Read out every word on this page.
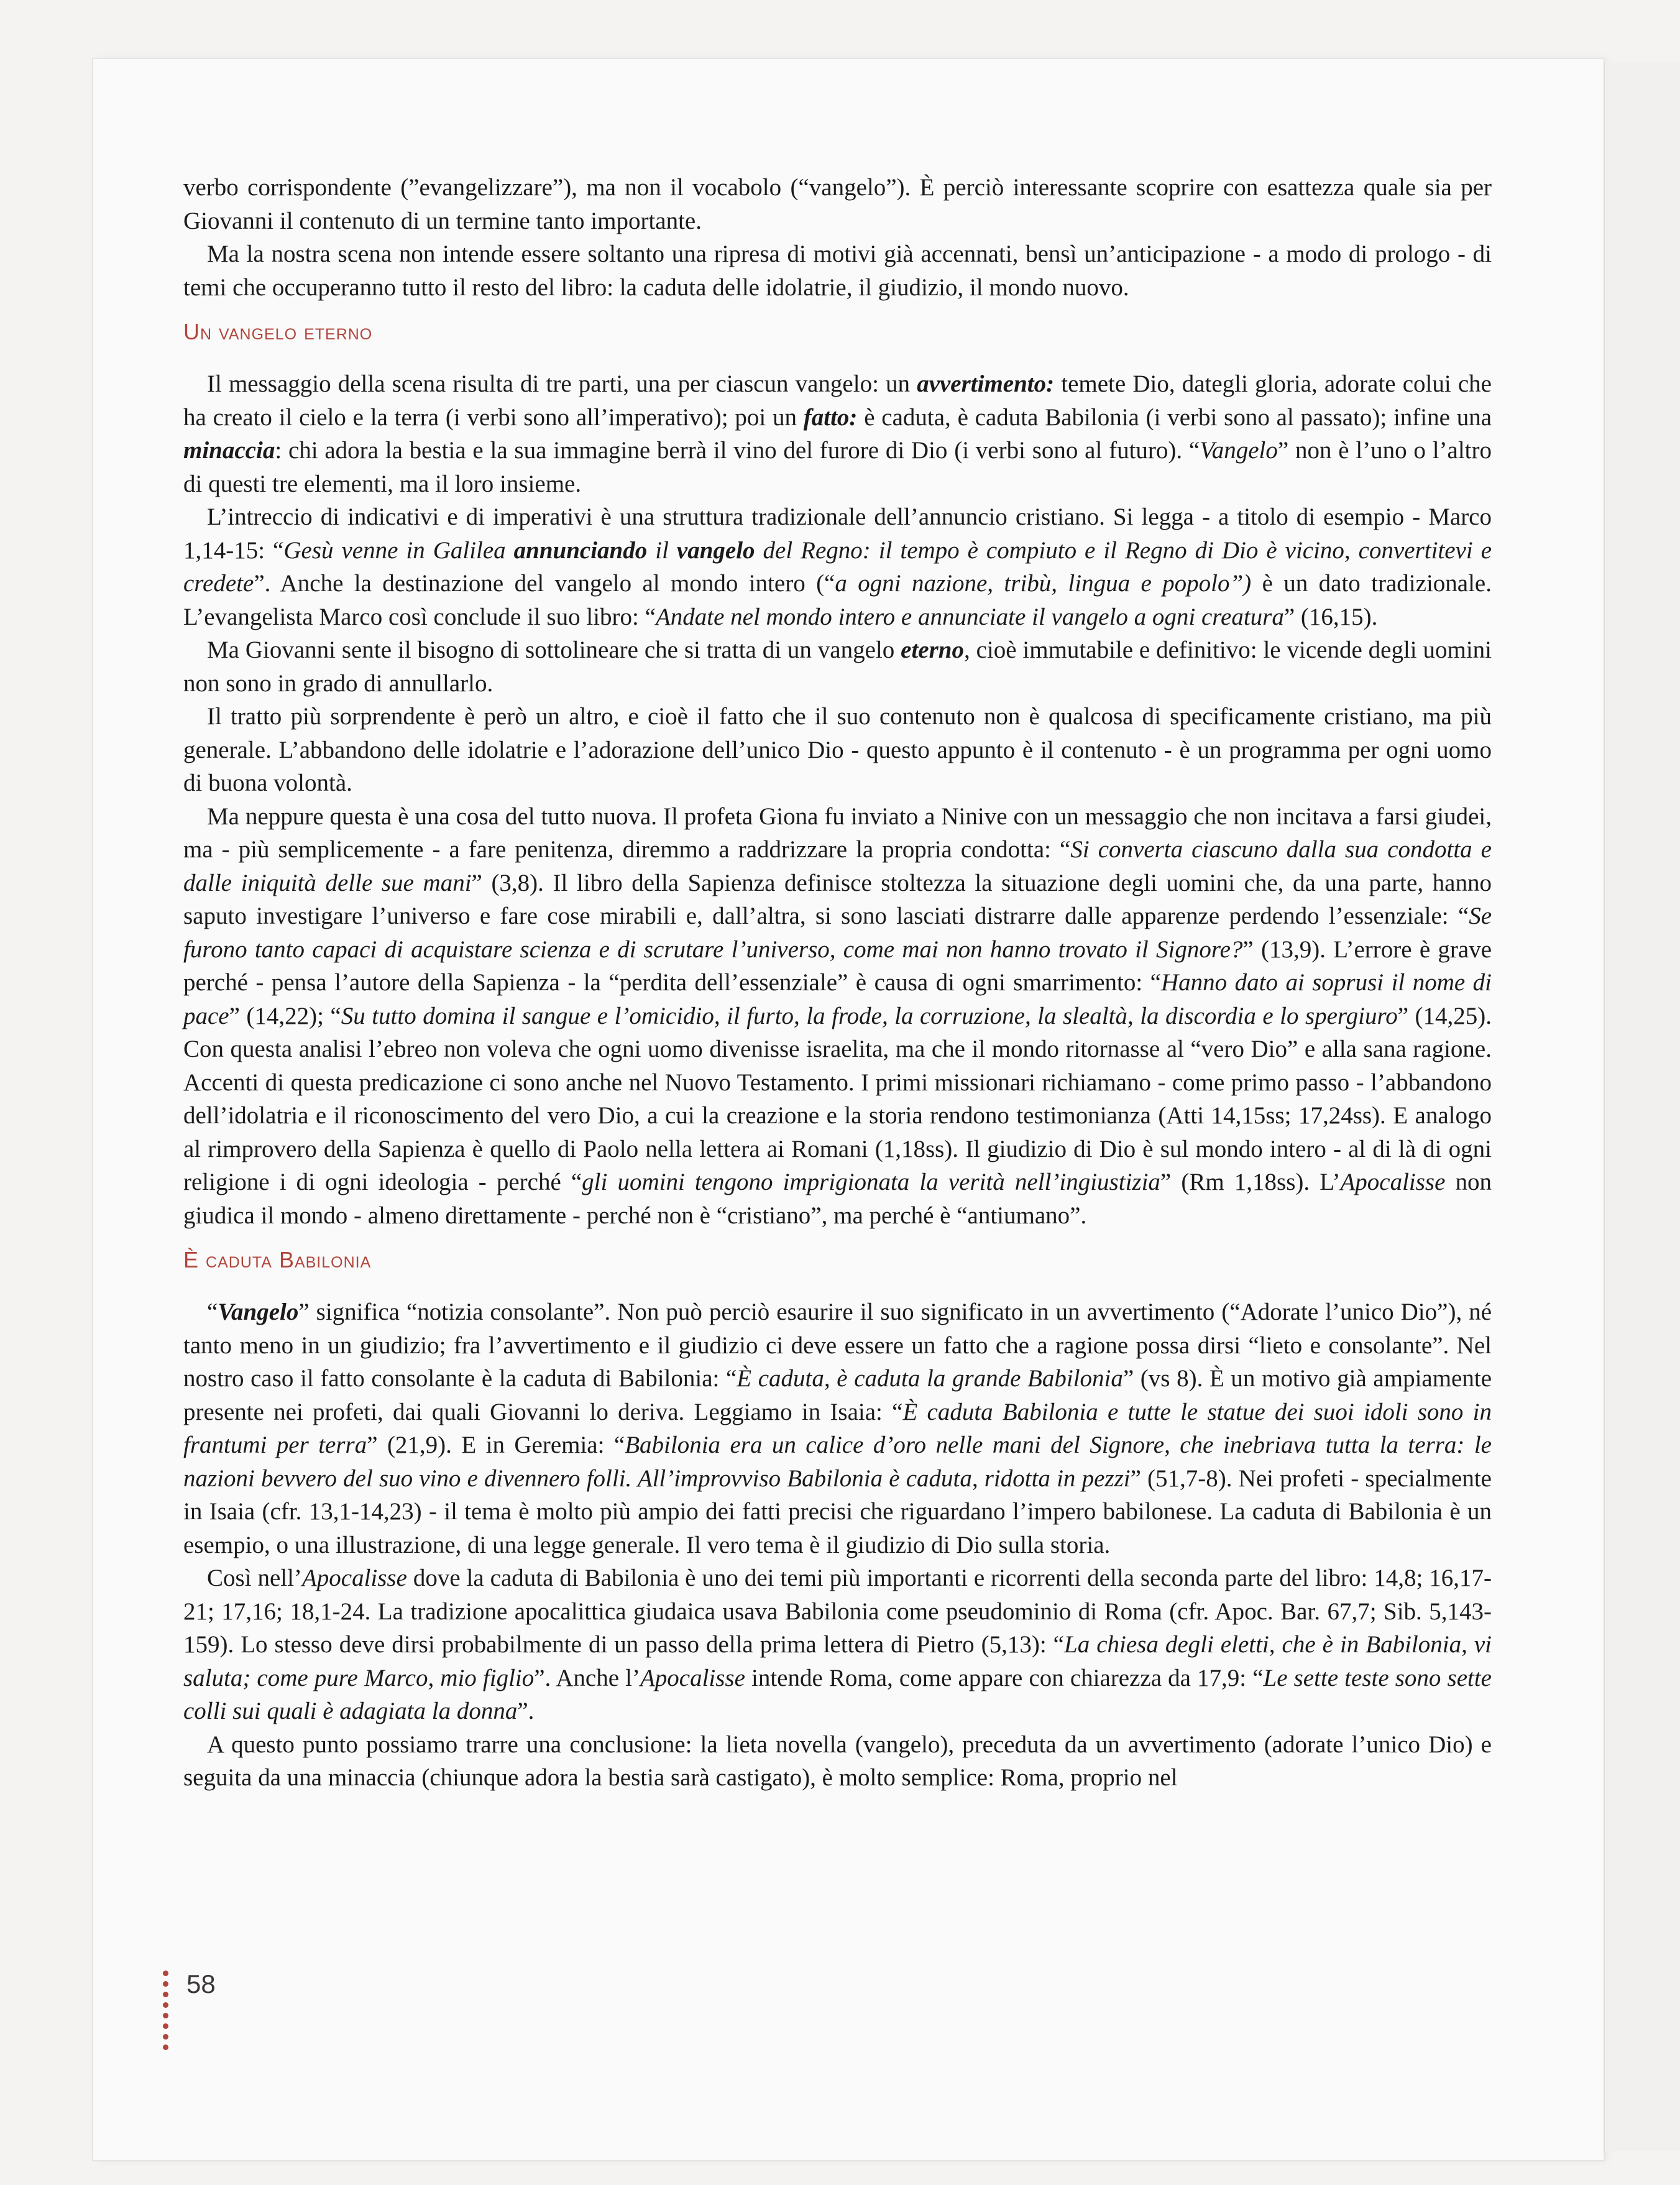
verbo corrispondente (”evangelizzare”), ma non il vocabolo (“vangelo”). È perciò interessante scoprire con esattezza quale sia per Giovanni il contenuto di un termine tanto importante.

Ma la nostra scena non intende essere soltanto una ripresa di motivi già accennati, bensì un’anticipazione - a modo di prologo - di temi che occuperanno tutto il resto del libro: la caduta delle idolatrie, il giudizio, il mondo nuovo.

Un vangelo eterno

Il messaggio della scena risulta di tre parti, una per ciascun vangelo: un avvertimento: temete Dio, dategli gloria, adorate colui che ha creato il cielo e la terra (i verbi sono all’imperativo); poi un fatto: è caduta, è caduta Babilonia (i verbi sono al passato); infine una minaccia: chi adora la bestia e la sua immagine berrà il vino del furore di Dio (i verbi sono al futuro). “Vangelo” non è l’uno o l’altro di questi tre elementi, ma il loro insieme.

L’intreccio di indicativi e di imperativi è una struttura tradizionale dell’annuncio cristiano. Si legga - a titolo di esempio - Marco 1,14-15: “Gesù venne in Galilea annunciando il vangelo del Regno: il tempo è compiuto e il Regno di Dio è vicino, convertitevi e credete”. Anche la destinazione del vangelo al mondo intero (“a ogni nazione, tribù, lingua e popolo”) è un dato tradizionale. L’evangelista Marco così conclude il suo libro: “Andate nel mondo intero e annunciate il vangelo a ogni creatura” (16,15).

Ma Giovanni sente il bisogno di sottolineare che si tratta di un vangelo eterno, cioè immutabile e definitivo: le vicende degli uomini non sono in grado di annullarlo.

Il tratto più sorprendente è però un altro, e cioè il fatto che il suo contenuto non è qualcosa di specificamente cristiano, ma più generale. L’abbandono delle idolatrie e l’adorazione dell’unico Dio - questo appunto è il contenuto - è un programma per ogni uomo di buona volontà.

Ma neppure questa è una cosa del tutto nuova. Il profeta Giona fu inviato a Ninive con un messaggio che non incitava a farsi giudei, ma - più semplicemente - a fare penitenza, diremmo a raddrizzare la propria condotta: “Si converta ciascuno dalla sua condotta e dalle iniquità delle sue mani” (3,8). Il libro della Sapienza definisce stoltezza la situazione degli uomini che, da una parte, hanno saputo investigare l’universo e fare cose mirabili e, dall’altra, si sono lasciati distrarre dalle apparenze perdendo l’essenziale: “Se furono tanto capaci di acquistare scienza e di scrutare l’universo, come mai non hanno trovato il Signore?” (13,9). L’errore è grave perché - pensa l’autore della Sapienza - la “perdita dell’essenziale” è causa di ogni smarrimento: “Hanno dato ai soprusi il nome di pace” (14,22); “Su tutto domina il sangue e l’omicidio, il furto, la frode, la corruzione, la slealtà, la discordia e lo spergiuro” (14,25). Con questa analisi l’ebreo non voleva che ogni uomo divenisse israelita, ma che il mondo ritornasse al “vero Dio” e alla sana ragione. Accenti di questa predicazione ci sono anche nel Nuovo Testamento. I primi missionari richiamano - come primo passo - l’abbandono dell’idolatria e il riconoscimento del vero Dio, a cui la creazione e la storia rendono testimonianza (Atti 14,15ss; 17,24ss). E analogo al rimprovero della Sapienza è quello di Paolo nella lettera ai Romani (1,18ss). Il giudizio di Dio è sul mondo intero - al di là di ogni religione i di ogni ideologia - perché “gli uomini tengono imprigionata la verità nell’ingiustizia” (Rm 1,18ss). L’Apocalisse non giudica il mondo - almeno direttamente - perché non è “cristiano”, ma perché è “antiumano”.

È caduta Babilonia

“Vangelo” significa “notizia consolante”. Non può perciò esaurire il suo significato in un avvertimento (“Adorate l’unico Dio”), né tanto meno in un giudizio; fra l’avvertimento e il giudizio ci deve essere un fatto che a ragione possa dirsi “lieto e consolante”. Nel nostro caso il fatto consolante è la caduta di Babilonia: “È caduta, è caduta la grande Babilonia” (vs 8). È un motivo già ampiamente presente nei profeti, dai quali Giovanni lo deriva. Leggiamo in Isaia: “È caduta Babilonia e tutte le statue dei suoi idoli sono in frantumi per terra” (21,9). E in Geremia: “Babilonia era un calice d’oro nelle mani del Signore, che inebriava tutta la terra: le nazioni bevvero del suo vino e divennero folli. All’improvviso Babilonia è caduta, ridotta in pezzi” (51,7-8). Nei profeti - specialmente in Isaia (cfr. 13,1-14,23) - il tema è molto più ampio dei fatti precisi che riguardano l’impero babilonese. La caduta di Babilonia è un esempio, o una illustrazione, di una legge generale. Il vero tema è il giudizio di Dio sulla storia.

Così nell’Apocalisse dove la caduta di Babilonia è uno dei temi più importanti e ricorrenti della seconda parte del libro: 14,8; 16,17-21; 17,16; 18,1-24. La tradizione apocalittica giudaica usava Babilonia come pseudominio di Roma (cfr. Apoc. Bar. 67,7; Sib. 5,143-159). Lo stesso deve dirsi probabilmente di un passo della prima lettera di Pietro (5,13): “La chiesa degli eletti, che è in Babilonia, vi saluta; come pure Marco, mio figlio”. Anche l’Apocalisse intende Roma, come appare con chiarezza da 17,9: “Le sette teste sono sette colli sui quali è adagiata la donna”.

A questo punto possiamo trarre una conclusione: la lieta novella (vangelo), preceduta da un avvertimento (adorate l’unico Dio) e seguita da una minaccia (chiunque adora la bestia sarà castigato), è molto semplice: Roma, proprio nel

58
